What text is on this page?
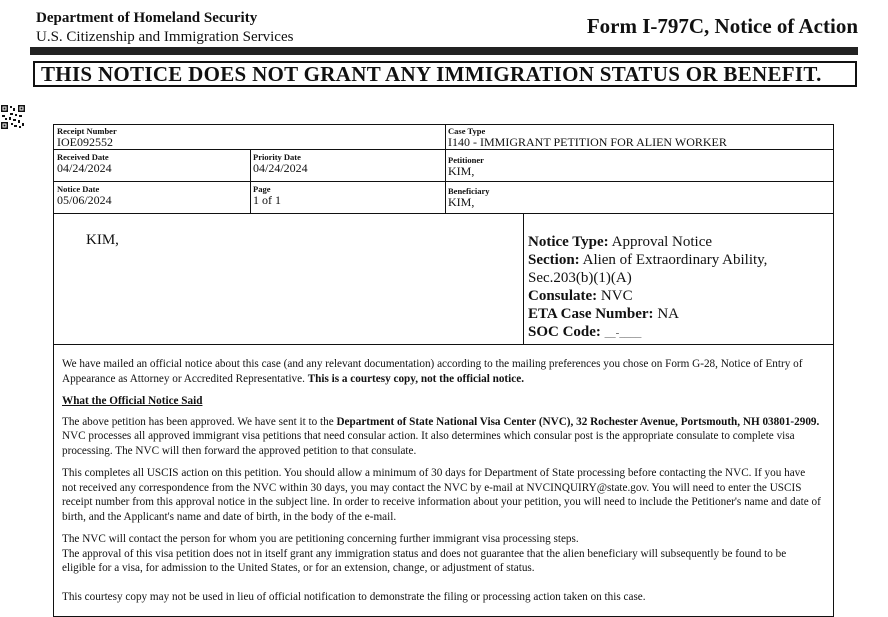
Department of Homeland Security
U.S. Citizenship and Immigration Services	Form I-797C, Notice of Action
THIS NOTICE DOES NOT GRANT ANY IMMIGRATION STATUS OR BENEFIT.
Receipt Number
IOE092552
Case Type
I140 - IMMIGRANT PETITION FOR ALIEN WORKER
Received Date
04/24/2024
Priority Date
04/24/2024
Petitioner
KIM,
Notice Date
05/06/2024
Page
1 of 1
Beneficiary
KIM,
KIM,	Notice Type: Approval Notice
Section: Alien of Extraordinary Ability,
Sec.203(b)(1)(A)
Consulate: NVC
ETA Case Number: NA
SOC Code: __-____

We have mailed an official notice about this case (and any relevant documentation) according to the mailing preferences you chose on Form G-28, Notice of Entry of Appearance as Attorney or Accredited Representative. This is a courtesy copy, not the official notice.

What the Official Notice Said

The above petition has been approved. We have sent it to the Department of State National Visa Center (NVC), 32 Rochester Avenue, Portsmouth, NH 03801-2909. NVC processes all approved immigrant visa petitions that need consular action. It also determines which consular post is the appropriate consulate to complete visa processing. The NVC will then forward the approved petition to that consulate.

This completes all USCIS action on this petition. You should allow a minimum of 30 days for Department of State processing before contacting the NVC. If you have not received any correspondence from the NVC within 30 days, you may contact the NVC by e-mail at NVCINQUIRY@state.gov. You will need to enter the USCIS receipt number from this approval notice in the subject line. In order to receive information about your petition, you will need to include the Petitioner's name and date of birth, and the Applicant's name and date of birth, in the body of the e-mail.

The NVC will contact the person for whom you are petitioning concerning further immigrant visa processing steps.
The approval of this visa petition does not in itself grant any immigration status and does not guarantee that the alien beneficiary will subsequently be found to be eligible for a visa, for admission to the United States, or for an extension, change, or adjustment of status.

This courtesy copy may not be used in lieu of official notification to demonstrate the filing or processing action taken on this case.
